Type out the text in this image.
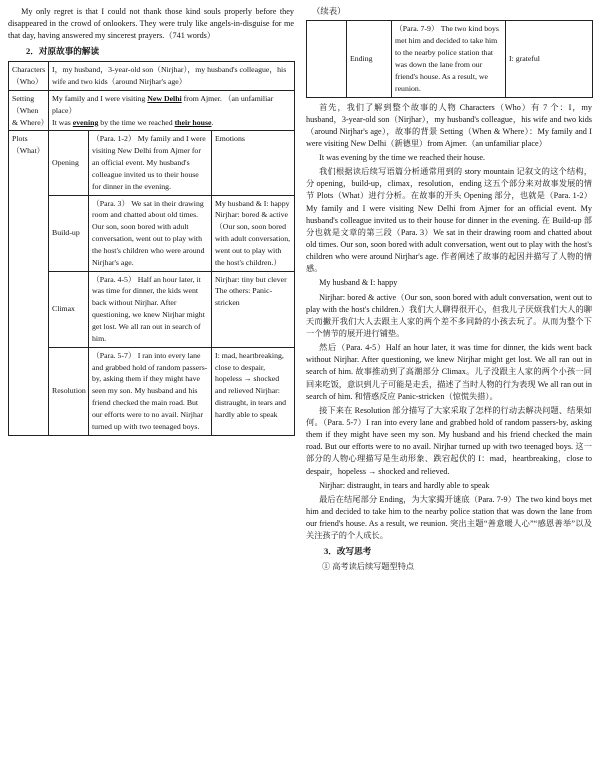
My only regret is that I could not thank those kind souls properly before they disappeared in the crowd of onlookers. They were truly like angels-in-disguise for me that day, having answered my sincerest prayers.（741 words）

2．对原故事的解读
Characters（Who）	I，my husband，3-year-old son（Nirjhar），my husband's colleague，his wife and two kids（around Nirjhar's age）		
Setting（When & Where）	My family and I were visiting New Delhi from Ajmer. （an unfamiliar place）
It was evening by the time we reached their house.		

Plots（What）	Opening	（Para. 1-2） My family and I were visiting New Delhi from Ajmer for an official event. My husband's colleague invited us to their house for dinner in the evening.	Emotions
	Build-up	（Para. 3） We sat in their drawing room and chatted about old times. Our son, soon bored with adult conversation, went out to play with the host's children who were around Nirjhar's age.	My husband & I: happy Nirjhar: bored & active（Our son, soon bored with adult conversation, went out to play with the host's children.）
	Climax	（Para. 4-5） Half an hour later, it was time for dinner, the kids went back without Nirjhar. After questioning, we knew Nirjhar might get lost. We all ran out in search of him.	Nirjhar: tiny but clever The others: Panic-stricken
	Resolution	（Para. 5-7） I ran into every lane and grabbed hold of random passers-by, asking them if they might have seen my son. My husband and his friend checked the main road. But our efforts were to no avail. Nirjhar turned up with two teenaged boys.	I: mad, heartbreaking, close to despair, hopeless → shocked and relieved Nirjhar: distraught, in tears and hardly able to speak
（续表）
	Ending	（Para. 7-9） The two kind boys met him and decided to take him to the nearby police station that was down the lane from our friend's house. As a result, we reunion.	I: grateful

首先，我们了解到整个故事的人物 Characters（Who）有 7 个：I，my husband，3-year-old son（Nirjhar），my husband's colleague，his wife and two kids（around Nirjhar's age），故事的背景 Setting（When & Where）：My family and I were visiting New Delhi（新德里）from Ajmer.（an unfamiliar place）

It was evening by the time we reached their house.

我们根据读后续写语篇分析通常用到的 story mountain 记叙文的这个结构，分 opening，build-up，climax，resolution，ending 这五个部分来对故事发展的情节 Plots（What）进行分析。在故事的开头 Opening 部分，也就是（Para. 1-2）My family and I were visiting New Delhi from Ajmer for an official event. My husband's colleague invited us to their house for dinner in the evening. 在 Build-up 部分也就是文章的第三段（Para. 3）We sat in their drawing room and chatted about old times. Our son, soon bored with adult conversation, went out to play with the host's children who were around Nirjhar's age. 作者阐述了故事的起因并描写了人物的情感。

My husband & I: happy

Nirjhar: bored & active（Our son, soon bored with adult conversation, went out to play with the host's children.）我们大人聊得很开心，但我儿子厌烦我们大人的聊天而撇开我们大人去跟主人家的两个差不多同龄的小孩去玩了。从而为整个下一个情节的展开进行铺垫。

然后（Para. 4-5）Half an hour later, it was time for dinner, the kids went back without Nirjhar. After questioning, we knew Nirjhar might get lost. We all ran out in search of him. 故事推动到了高潮部分 Climax。儿子没跟主人家的两个小孩一同回来吃饭，意识到儿子可能是走丢，描述了当时人物的行为表现 We all ran out in search of him. 和惜惑反应 Panic-stricken（惊慌失措）。

接下来在 Resolution 部分描写了大家采取了怎样的行动去解决问题、结果如何。（Para. 5-7）I ran into every lane and grabbed hold of random passers-by, asking them if they might have seen my son. My husband and his friend checked the main road. But our efforts were to no avail. Nirjhar turned up with two teenaged boys. 这一部分的人物心理描写是生动形象、跌宕起伏的 I：mad，heartbreaking，close to despair，hopeless → shocked and relieved.

Nirjhar: distraught, in tears and hardly able to speak

最后在结尾部分 Ending，为大家揭开谜底（Para. 7-9）The two kind boys met him and decided to take him to the nearby police station that was down the lane from our friend's house. As a result, we reunion. 突出主题“善意暖人心”“感恩善举”以及关注孩子的个人成长。

3．改写思考
① 高考读后续写题型特点
